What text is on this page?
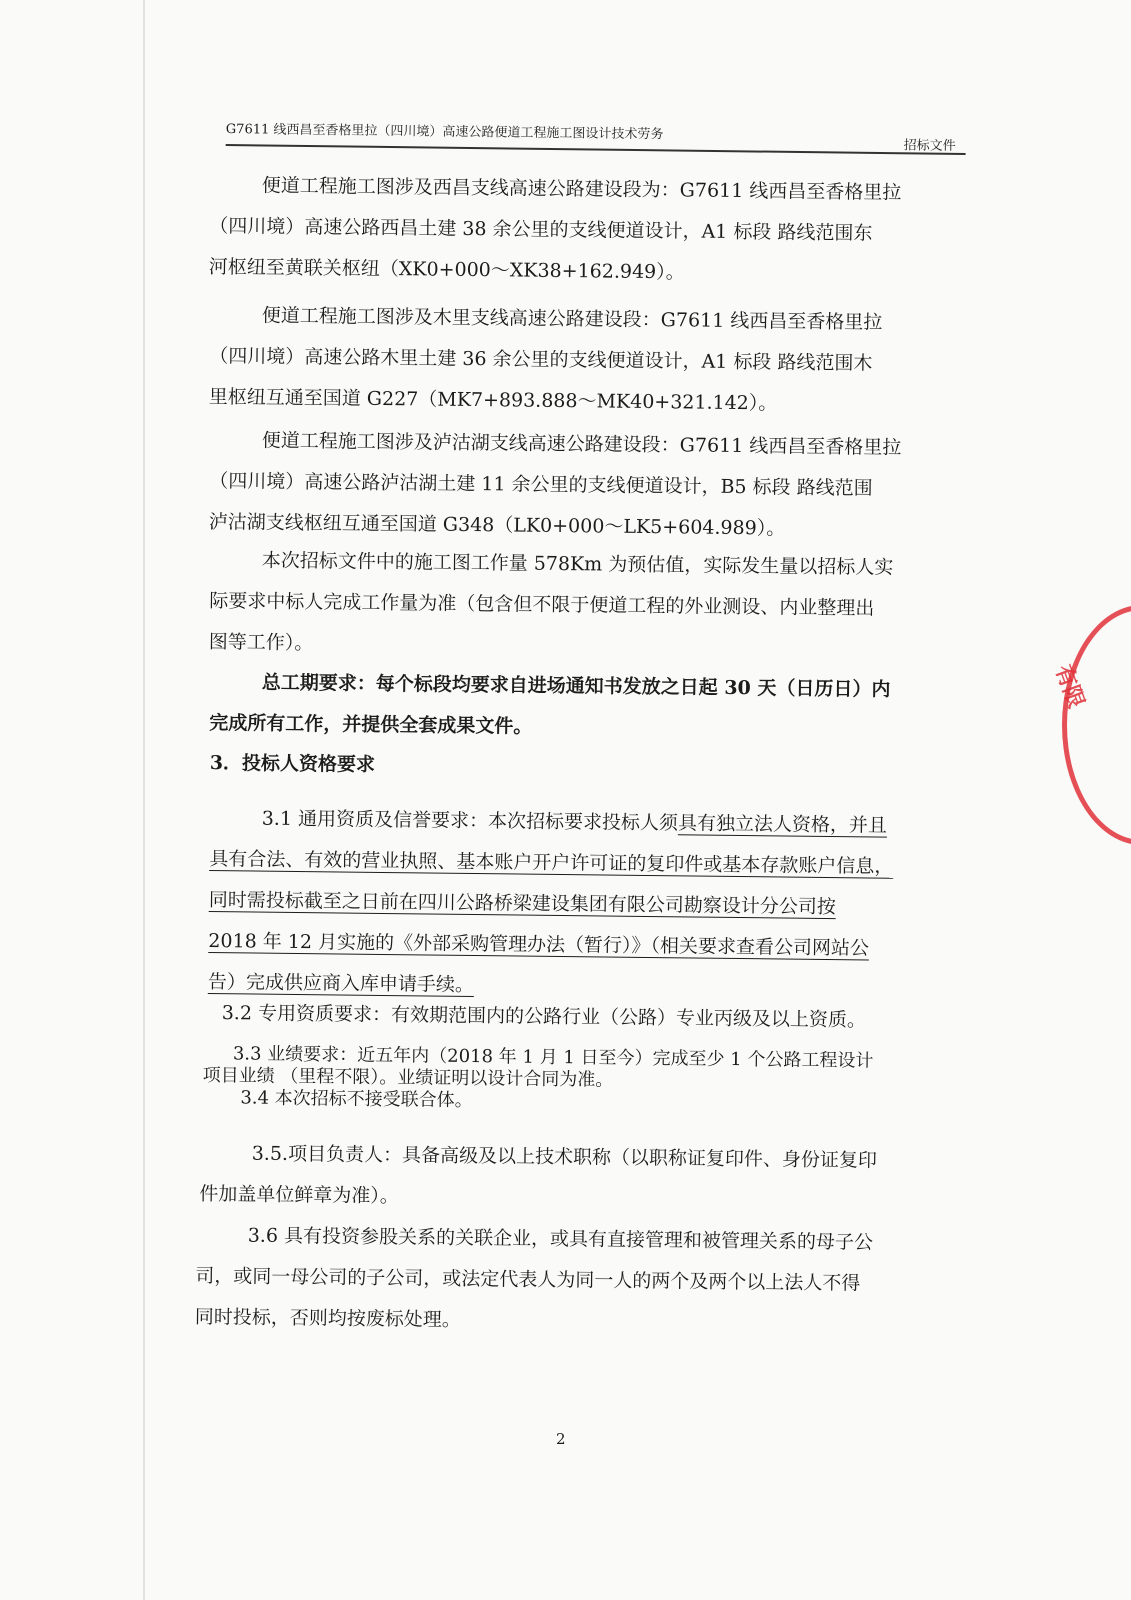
G7611 线西昌至香格里拉（四川境）高速公路便道工程施工图设计技术劳务
招标文件
便道工程施工图涉及西昌支线高速公路建设段为：G7611 线西昌至香格里拉
（四川境）高速公路西昌土建 38 余公里的支线便道设计，A1 标段 路线范围东
河枢纽至黄联关枢纽（XK0+000～XK38+162.949）。
便道工程施工图涉及木里支线高速公路建设段：G7611 线西昌至香格里拉
（四川境）高速公路木里土建 36 余公里的支线便道设计，A1 标段 路线范围木
里枢纽互通至国道 G227（MK7+893.888～MK40+321.142）。
便道工程施工图涉及泸沽湖支线高速公路建设段：G7611 线西昌至香格里拉
（四川境）高速公路泸沽湖土建 11 余公里的支线便道设计，B5 标段 路线范围
泸沽湖支线枢纽互通至国道 G348（LK0+000～LK5+604.989）。
本次招标文件中的施工图工作量 578Km 为预估值，实际发生量以招标人实
际要求中标人完成工作量为准（包含但不限于便道工程的外业测设、内业整理出
图等工作）。
总工期要求：每个标段均要求自进场通知书发放之日起 30 天（日历日）内
完成所有工作，并提供全套成果文件。
3．投标人资格要求
3.1 通用资质及信誉要求：本次招标要求投标人须具有独立法人资格，并且
具有合法、有效的营业执照、基本账户开户许可证的复印件或基本存款账户信息，
同时需投标截至之日前在四川公路桥梁建设集团有限公司勘察设计分公司按
2018 年 12 月实施的《外部采购管理办法（暂行）》（相关要求查看公司网站公
告）完成供应商入库申请手续。
3.2 专用资质要求：有效期范围内的公路行业（公路）专业丙级及以上资质。
3.3 业绩要求：近五年内（2018 年 1 月 1 日至今）完成至少 1 个公路工程设计
项目业绩 （里程不限）。业绩证明以设计合同为准。
3.4 本次招标不接受联合体。
3.5.项目负责人：具备高级及以上技术职称（以职称证复印件、身份证复印
件加盖单位鲜章为准）。
3.6 具有投资参股关系的关联企业，或具有直接管理和被管理关系的母子公
司，或同一母公司的子公司，或法定代表人为同一人的两个及两个以上法人不得
同时投标，否则均按废标处理。
2
有限
